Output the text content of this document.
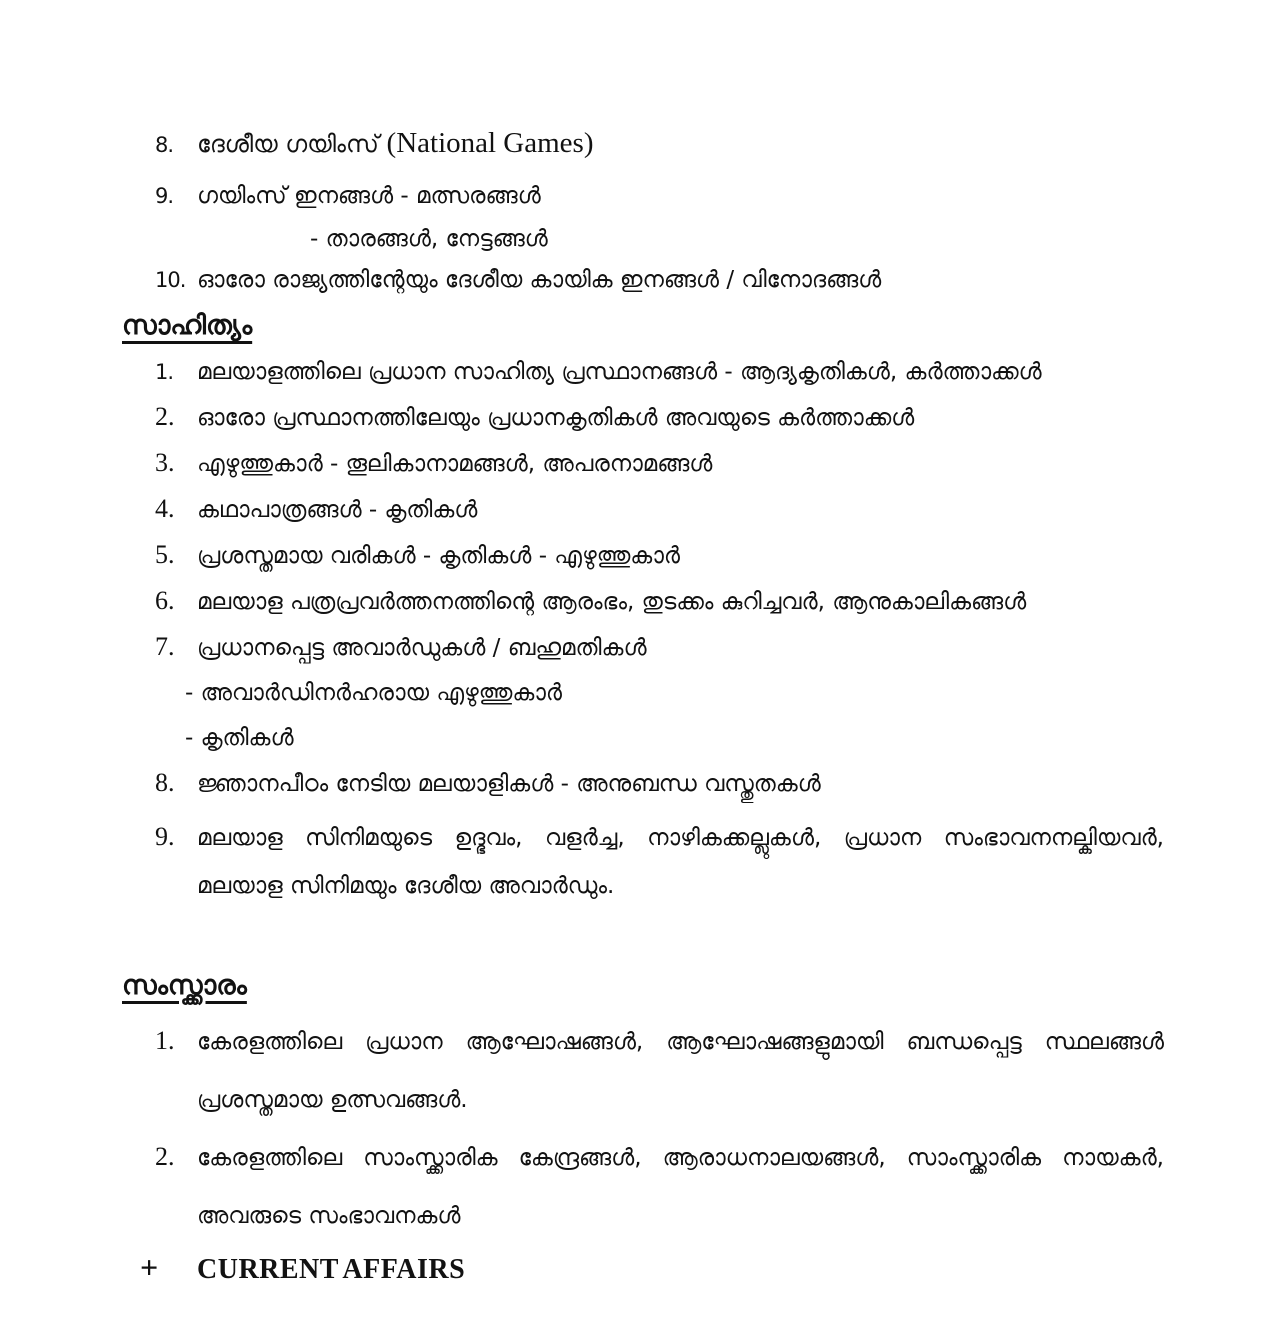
8. ദേശീയ ഗയിംസ് (National Games)
9.	ഗയിംസ് ഇനങ്ങൾ - മത്സരങ്ങൾ
- താരങ്ങൾ, നേട്ടങ്ങൾ
10. ഓരോ രാജ്യത്തിന്റേയും ദേശീയ കായിക ഇനങ്ങൾ / വിനോദങ്ങൾ
സാഹിത്യം
1.	മലയാളത്തിലെ പ്രധാന സാഹിത്യ പ്രസ്ഥാനങ്ങൾ - ആദ്യകൃതികൾ, കർത്താക്കൾ
2. ഓരോ പ്രസ്ഥാനത്തിലേയും പ്രധാനകൃതികൾ അവയുടെ കർത്താക്കൾ
3. എഴുത്തുകാർ - തൂലികാനാമങ്ങൾ, അപരനാമങ്ങൾ
4. കഥാപാത്രങ്ങൾ - കൃതികൾ
5. പ്രശസ്തമായ വരികൾ - കൃതികൾ - എഴുത്തുകാർ
6. മലയാള പത്രപ്രവർത്തനത്തിന്റെ ആരംഭം, തുടക്കം കുറിച്ചവർ, ആനുകാലികങ്ങൾ
7. പ്രധാനപ്പെട്ട അവാർഡുകൾ / ബഹുമതികൾ
- അവാർഡിനർഹരായ എഴുത്തുകാർ
- കൃതികൾ
8. ജ്ഞാനപീഠം നേടിയ മലയാളികൾ - അനുബന്ധ വസ്തുതകൾ
9. മലയാള സിനിമയുടെ ഉദ്ഭവം, വളർച്ച, നാഴികക്കല്ലുകൾ, പ്രധാന സംഭാവനനല്കിയവർ, മലയാള സിനിമയും ദേശീയ അവാർഡും.
സംസ്ക്കാരം
1. കേരളത്തിലെ പ്രധാന ആഘോഷങ്ങൾ, ആഘോഷങ്ങളുമായി ബന്ധപ്പെട്ട സ്ഥലങ്ങൾ പ്രശസ്തമായ ഉത്സവങ്ങൾ.
2. കേരളത്തിലെ സാംസ്ക്കാരിക കേന്ദ്രങ്ങൾ, ആരാധനാലയങ്ങൾ, സാംസ്ക്കാരിക നായകർ, അവരുടെ സംഭാവനകൾ
+	CURRENT AFFAIRS
